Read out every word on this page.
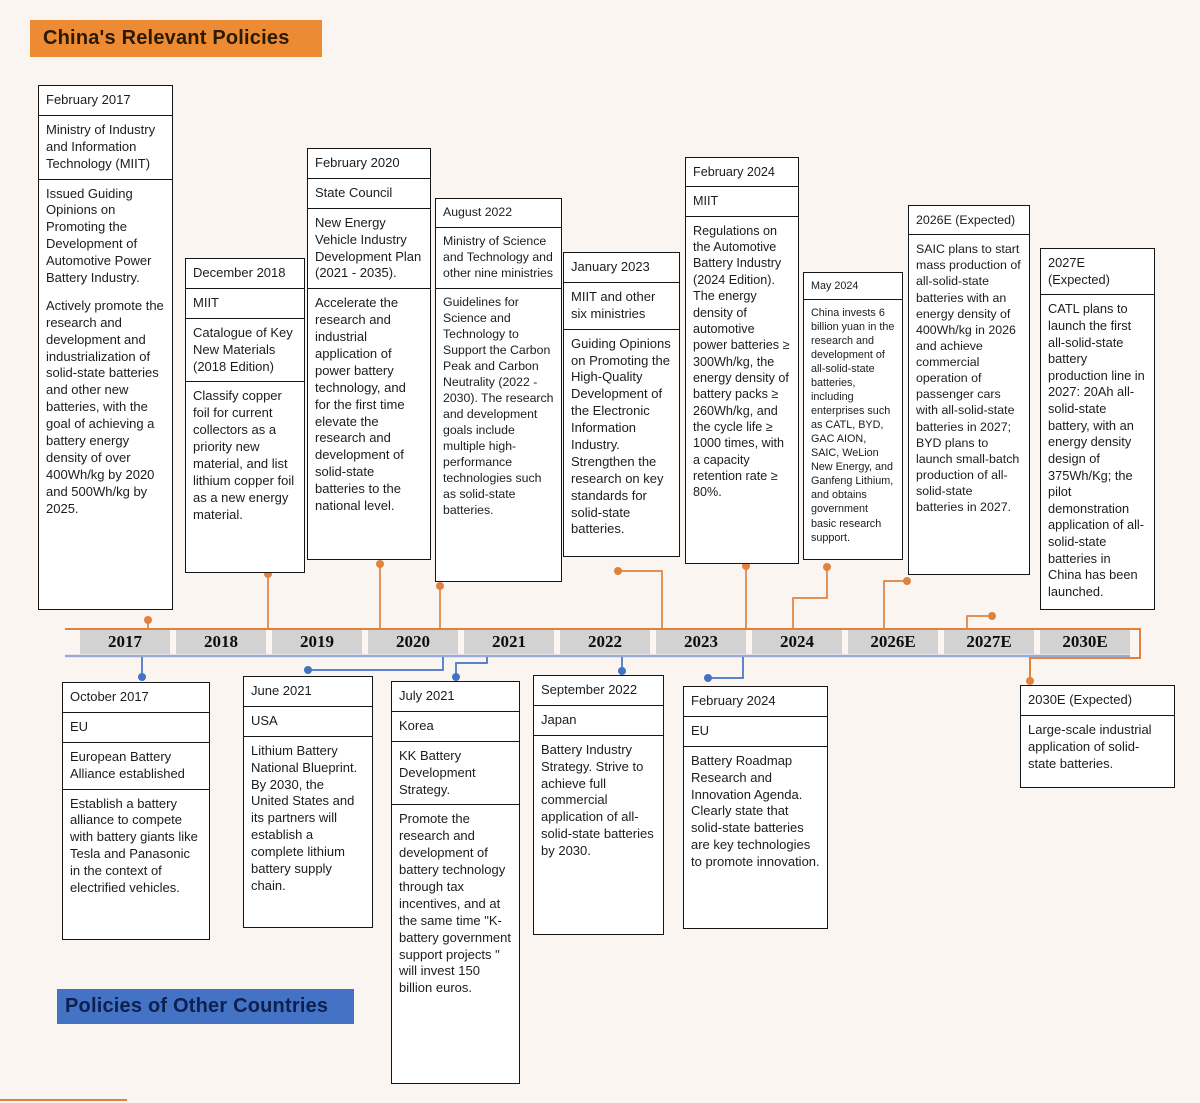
China's Relevant Policies
2017	2018	2019	2020	2021	2022	2023	2024	2026E	2027E	2030E

February 2017

Ministry of Industry and Information Technology (MIIT)

Issued Guiding Opinions on Promoting the Development of Automotive Power Battery Industry.

Actively promote the research and development and industrialization of solid-state batteries and other new batteries, with the goal of achieving a battery energy density of over 400Wh/kg by 2020 and 500Wh/kg by 2025.

December 2018

MIIT

Catalogue of Key New Materials (2018 Edition)

Classify copper foil for current collectors as a priority new material, and list lithium copper foil as a new energy material.

February 2020

State Council

New Energy Vehicle Industry Development Plan (2021 - 2035).

Accelerate the research and industrial application of power battery technology, and for the first time elevate the research and development of solid-state batteries to the national level.

August 2022

Ministry of Science and Technology and other nine ministries

Guidelines for Science and Technology to Support the Carbon Peak and Carbon Neutrality (2022 - 2030). The research and development goals include multiple high-performance technologies such as solid-state batteries.

January 2023

MIIT and other six ministries

Guiding Opinions on Promoting the High-Quality Development of the Electronic Information Industry. Strengthen the research on key standards for solid-state batteries.

February 2024

MIIT

Regulations on the Automotive Battery Industry (2024 Edition). The energy density of automotive power batteries ≥ 300Wh/kg, the energy density of battery packs ≥ 260Wh/kg, and the cycle life ≥ 1000 times, with a capacity retention rate ≥ 80%.

May 2024

China invests 6 billion yuan in the research and development of all-solid-state batteries, including enterprises such as CATL, BYD, GAC AION, SAIC, WeLion New Energy, and Ganfeng Lithium, and obtains government basic research support.

2026E (Expected)

SAIC plans to start mass production of all-solid-state batteries with an energy density of 400Wh/kg in 2026 and achieve commercial operation of passenger cars with all-solid-state batteries in 2027; BYD plans to launch small-batch production of all-solid-state batteries in 2027.

2027E (Expected)

CATL plans to launch the first all-solid-state battery production line in 2027: 20Ah all-solid-state battery, with an energy density design of 375Wh/Kg; the pilot demonstration application of all-solid-state batteries in China has been launched.

October 2017

EU

European Battery Alliance established

Establish a battery alliance to compete with battery giants like Tesla and Panasonic in the context of electrified vehicles.

June 2021

USA

Lithium Battery National Blueprint. By 2030, the United States and its partners will establish a complete lithium battery supply chain.

July 2021

Korea

KK Battery Development Strategy.

Promote the research and development of battery technology through tax incentives, and at the same time "K-battery government support projects " will invest 150 billion euros.

September 2022

Japan

Battery Industry Strategy. Strive to achieve full commercial application of all-solid-state batteries by 2030.

February 2024

EU

Battery Roadmap Research and Innovation Agenda. Clearly state that solid-state batteries are key technologies to promote innovation.

2030E (Expected)

Large-scale industrial application of solid-state batteries.

Policies of Other Countries
